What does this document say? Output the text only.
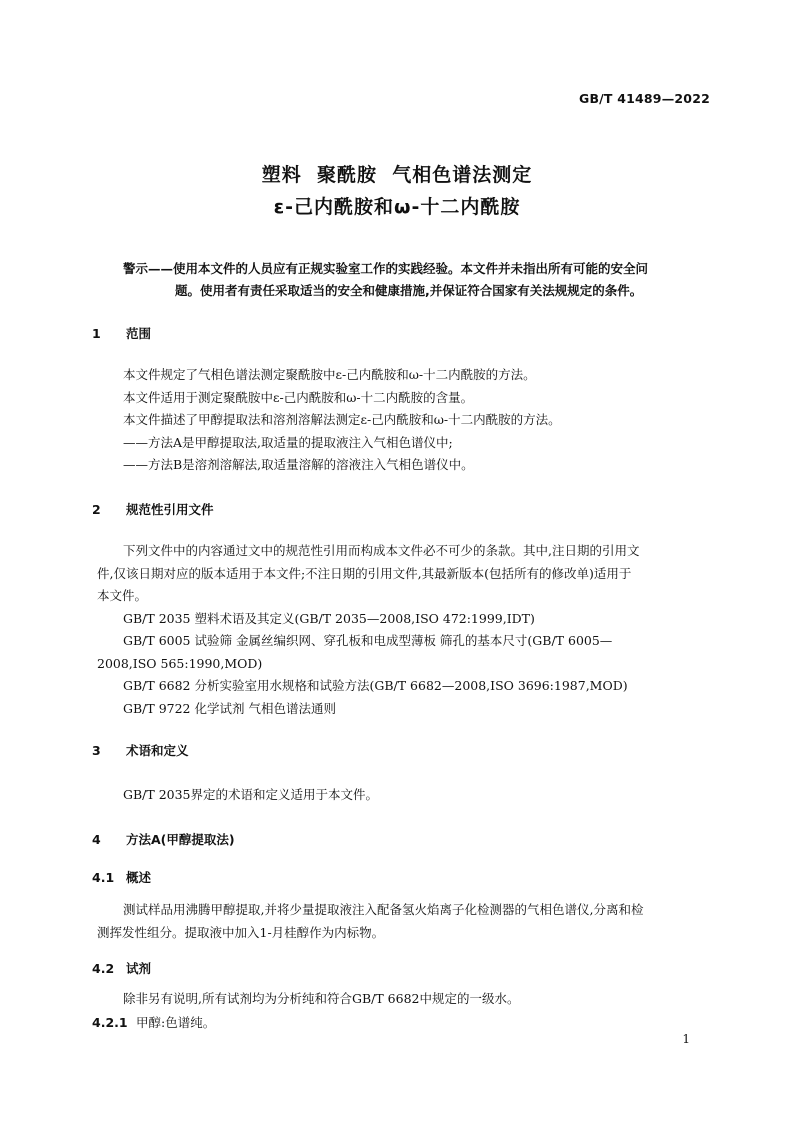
GB/T 41489—2022
塑料  聚酰胺  气相色谱法测定
ε-己内酰胺和ω-十二内酰胺
警示——使用本文件的人员应有正规实验室工作的实践经验。本文件并未指出所有可能的安全问
题。使用者有责任采取适当的安全和健康措施,并保证符合国家有关法规规定的条件。
1 范围

本文件规定了气相色谱法测定聚酰胺中ε-己内酰胺和ω-十二内酰胺的方法。

本文件适用于测定聚酰胺中ε-己内酰胺和ω-十二内酰胺的含量。

本文件描述了甲醇提取法和溶剂溶解法测定ε-己内酰胺和ω-十二内酰胺的方法。

——方法A是甲醇提取法,取适量的提取液注入气相色谱仪中;

——方法B是溶剂溶解法,取适量溶解的溶液注入气相色谱仪中。

2 规范性引用文件

下列文件中的内容通过文中的规范性引用而构成本文件必不可少的条款。其中,注日期的引用文

件,仅该日期对应的版本适用于本文件;不注日期的引用文件,其最新版本(包括所有的修改单)适用于

本文件。

GB/T 2035 塑料术语及其定义(GB/T 2035—2008,ISO 472:1999,IDT)

GB/T 6005 试验筛 金属丝编织网、穿孔板和电成型薄板 筛孔的基本尺寸(GB/T 6005—

2008,ISO 565:1990,MOD)

GB/T 6682 分析实验室用水规格和试验方法(GB/T 6682—2008,ISO 3696:1987,MOD)

GB/T 9722 化学试剂 气相色谱法通则

3 术语和定义

GB/T 2035界定的术语和定义适用于本文件。

4 方法A(甲醇提取法)
4.1 概述

测试样品用沸腾甲醇提取,并将少量提取液注入配备氢火焰离子化检测器的气相色谱仪,分离和检

测挥发性组分。提取液中加入1-月桂醇作为内标物。

4.2 试剂

除非另有说明,所有试剂均为分析纯和符合GB/T 6682中规定的一级水。

4.2.1 甲醇:色谱纯。
1
